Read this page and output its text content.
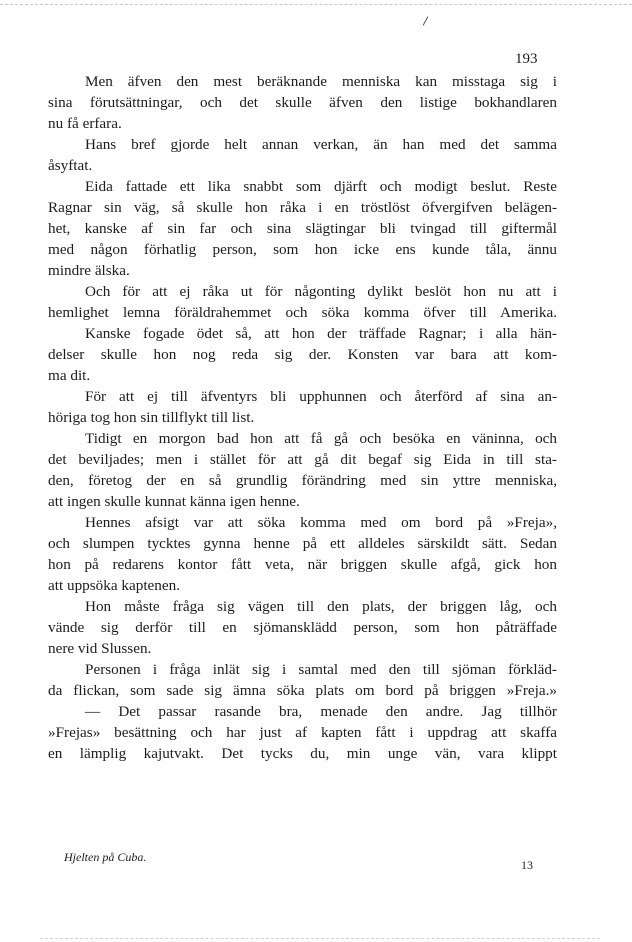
193
Men äfven den mest beräknande menniska kan misstaga sig i
sina förutsättningar, och det skulle äfven den listige bokhandlaren
nu få erfara.
Hans bref gjorde helt annan verkan, än han med det samma
åsyftat.
Eida fattade ett lika snabbt som djärft och modigt beslut. Reste
Ragnar sin väg, så skulle hon råka i en tröstlöst öfvergifven belägen-
het, kanske af sin far och sina slägtingar bli tvingad till giftermål
med någon förhatlig person, som hon icke ens kunde tåla, ännu
mindre älska.
Och för att ej råka ut för någonting dylikt beslöt hon nu att i
hemlighet lemna föräldrahemmet och söka komma öfver till Amerika.
Kanske fogade ödet så, att hon der träffade Ragnar; i alla hän-
delser skulle hon nog reda sig der. Konsten var bara att kom-
ma dit.
För att ej till äfventyrs bli upphunnen och återförd af sina an-
höriga tog hon sin tillflykt till list.
Tidigt en morgon bad hon att få gå och besöka en väninna, och
det beviljades; men i stället för att gå dit begaf sig Eida in till sta-
den, företog der en så grundlig förändring med sin yttre menniska,
att ingen skulle kunnat känna igen henne.
Hennes afsigt var att söka komma med om bord på »Freja»,
och slumpen tycktes gynna henne på ett alldeles särskildt sätt. Sedan
hon på redarens kontor fått veta, när briggen skulle afgå, gick hon
att uppsöka kaptenen.
Hon måste fråga sig vägen till den plats, der briggen låg, och
vände sig derför till en sjömansklädd person, som hon påträffade
nere vid Slussen.
Personen i fråga inlät sig i samtal med den till sjöman förkläd-
da flickan, som sade sig ämna söka plats om bord på briggen »Freja.»
— Det passar rasande bra, menade den andre. Jag tillhör
»Frejas» besättning och har just af kapten fått i uppdrag att skaffa
en lämplig kajutvakt. Det tycks du, min unge vän, vara klippt
Hjelten på Cuba.
13
